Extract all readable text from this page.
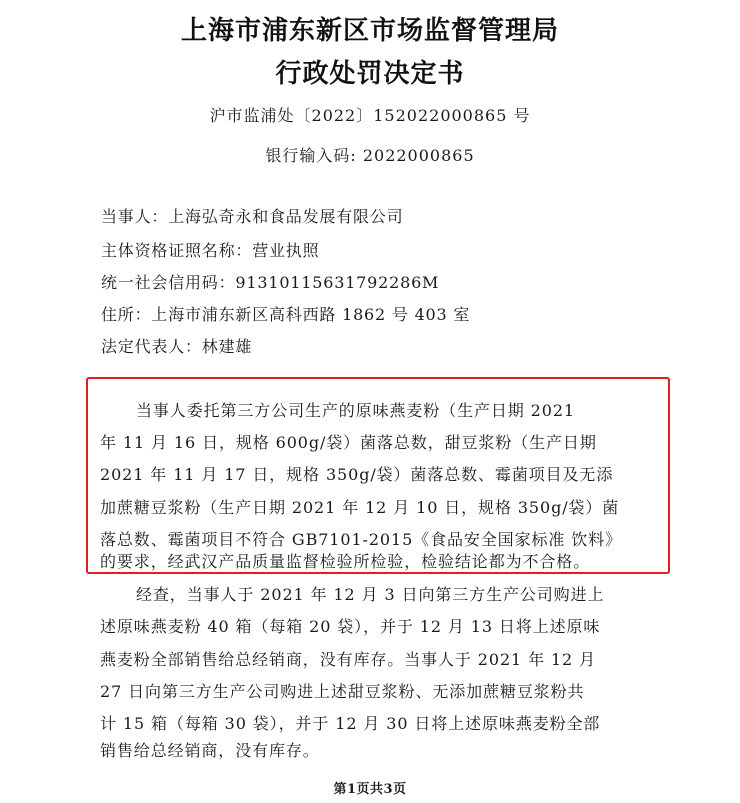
上海市浦东新区市场监督管理局
行政处罚决定书
沪市监浦处〔2022〕152022000865 号
银行输入码: 2022000865
当事人：上海弘奇永和食品发展有限公司
主体资格证照名称：营业执照
统一社会信用码：91310115631792286M
住所：上海市浦东新区高科西路 1862 号 403 室
法定代表人：林建雄
当事人委托第三方公司生产的原味燕麦粉（生产日期 2021
年 11 月 16 日，规格 600g/袋）菌落总数，甜豆浆粉（生产日期
2021 年 11 月 17 日，规格 350g/袋）菌落总数、霉菌项目及无添
加蔗糖豆浆粉（生产日期 2021 年 12 月 10 日，规格 350g/袋）菌
落总数、霉菌项目不符合 GB7101-2015《食品安全国家标准 饮料》
的要求，经武汉产品质量监督检验所检验，检验结论都为不合格。
经查，当事人于 2021 年 12 月 3 日向第三方生产公司购进上
述原味燕麦粉 40 箱（每箱 20 袋），并于 12 月 13 日将上述原味
燕麦粉全部销售给总经销商，没有库存。当事人于 2021 年 12 月
27 日向第三方生产公司购进上述甜豆浆粉、无添加蔗糖豆浆粉共
计 15 箱（每箱 30 袋），并于 12 月 30 日将上述原味燕麦粉全部
销售给总经销商，没有库存。
第1页共3页
